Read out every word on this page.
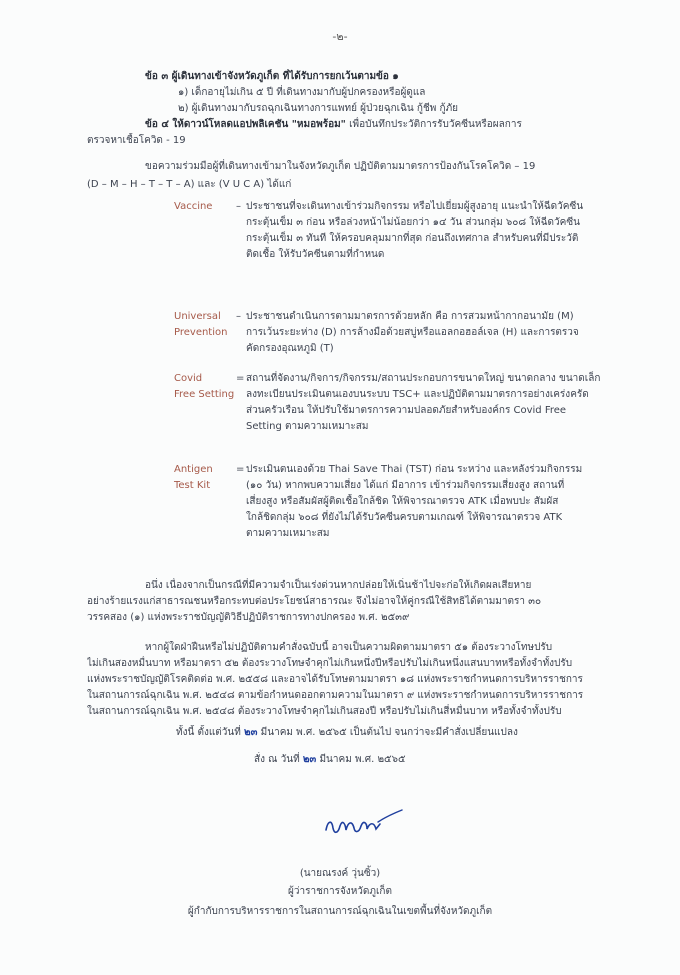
-๒-
ข้อ ๓ ผู้เดินทางเข้าจังหวัดภูเก็ต ที่ได้รับการยกเว้นตามข้อ ๑
๑) เด็กอายุไม่เกิน ๕ ปี ที่เดินทางมากับผู้ปกครองหรือผู้ดูแล
๒) ผู้เดินทางมากับรถฉุกเฉินทางการแพทย์ ผู้ป่วยฉุกเฉิน กู้ชีพ กู้ภัย
ข้อ ๔ ให้ดาวน์โหลดแอปพลิเคชัน "หมอพร้อม" เพื่อบันทึกประวัติการรับวัคซีนหรือผลการ
ตรวจหาเชื้อโควิด - 19
ขอความร่วมมือผู้ที่เดินทางเข้ามาในจังหวัดภูเก็ต ปฏิบัติตามมาตรการป้องกันโรคโควิด – 19
(D – M – H – T – T – A) และ (V U C A) ได้แก่
Vaccine – ประชาชนที่จะเดินทางเข้าร่วมกิจกรรม หรือไปเยี่ยมผู้สูงอายุ แนะนำให้ฉีดวัคซีน
กระตุ้นเข็ม ๓ ก่อน หรือล่วงหน้าไม่น้อยกว่า ๑๔ วัน ส่วนกลุ่ม ๖๐๘ ให้ฉีดวัคซีน
กระตุ้นเข็ม ๓ ทันที ให้ครอบคลุมมากที่สุด ก่อนถึงเทศกาล สำหรับคนที่มีประวัติ
ติดเชื้อ ให้รับวัคซีนตามที่กำหนด
Universal
Prevention
– ประชาชนดำเนินการตามมาตรการด้วยหลัก คือ การสวมหน้ากากอนามัย (M)
การเว้นระยะห่าง (D) การล้างมือด้วยสบู่หรือแอลกอฮอล์เจล (H) และการตรวจ
คัดกรองอุณหภูมิ (T)
Covid
Free Setting
= สถานที่จัดงาน/กิจการ/กิจกรรม/สถานประกอบการขนาดใหญ่ ขนาดกลาง ขนาดเล็ก
ลงทะเบียนประเมินตนเองบนระบบ TSC+ และปฏิบัติตามมาตรการอย่างเคร่งครัด
ส่วนครัวเรือน ให้ปรับใช้มาตรการความปลอดภัยสำหรับองค์กร Covid Free
Setting ตามความเหมาะสม
Antigen
Test Kit
= ประเมินตนเองด้วย Thai Save Thai (TST) ก่อน ระหว่าง และหลังร่วมกิจกรรม
(๑๐ วัน) หากพบความเสี่ยง ได้แก่ มีอาการ เข้าร่วมกิจกรรมเสี่ยงสูง สถานที่
เสี่ยงสูง หรือสัมผัสผู้ติดเชื้อใกล้ชิด ให้พิจารณาตรวจ ATK เมื่อพบปะ สัมผัส
ใกล้ชิดกลุ่ม ๖๐๘ ที่ยังไม่ได้รับวัคซีนครบตามเกณฑ์ ให้พิจารณาตรวจ ATK
ตามความเหมาะสม
อนึ่ง เนื่องจากเป็นกรณีที่มีความจำเป็นเร่งด่วนหากปล่อยให้เนิ่นช้าไปจะก่อให้เกิดผลเสียหาย
อย่างร้ายแรงแก่สาธารณชนหรือกระทบต่อประโยชน์สาธารณะ จึงไม่อาจให้คู่กรณีใช้สิทธิได้ตามมาตรา ๓๐
วรรคสอง (๑) แห่งพระราชบัญญัติวิธีปฏิบัติราชการทางปกครอง พ.ศ. ๒๕๓๙
หากผู้ใดฝ่าฝืนหรือไม่ปฏิบัติตามคำสั่งฉบับนี้ อาจเป็นความผิดตามมาตรา ๕๑ ต้องระวางโทษปรับ
ไม่เกินสองหมื่นบาท หรือมาตรา ๕๒ ต้องระวางโทษจำคุกไม่เกินหนึ่งปีหรือปรับไม่เกินหนึ่งแสนบาทหรือทั้งจำทั้งปรับ
แห่งพระราชบัญญัติโรคติดต่อ พ.ศ. ๒๕๕๘ และอาจได้รับโทษตามมาตรา ๑๘ แห่งพระราชกำหนดการบริหารราชการ
ในสถานการณ์ฉุกเฉิน พ.ศ. ๒๕๔๘ ตามข้อกำหนดออกตามความในมาตรา ๙ แห่งพระราชกำหนดการบริหารราชการ
ในสถานการณ์ฉุกเฉิน พ.ศ. ๒๕๔๘ ต้องระวางโทษจำคุกไม่เกินสองปี หรือปรับไม่เกินสี่หมื่นบาท หรือทั้งจำทั้งปรับ
ทั้งนี้ ตั้งแต่วันที่ ๒๓ มีนาคม พ.ศ. ๒๕๖๕ เป็นต้นไป จนกว่าจะมีคำสั่งเปลี่ยนแปลง
สั่ง ณ วันที่ ๒๓ มีนาคม พ.ศ. ๒๕๖๕
(นายณรงค์ วุ่นซิ้ว)
ผู้ว่าราชการจังหวัดภูเก็ต
ผู้กำกับการบริหารราชการในสถานการณ์ฉุกเฉินในเขตพื้นที่จังหวัดภูเก็ต
